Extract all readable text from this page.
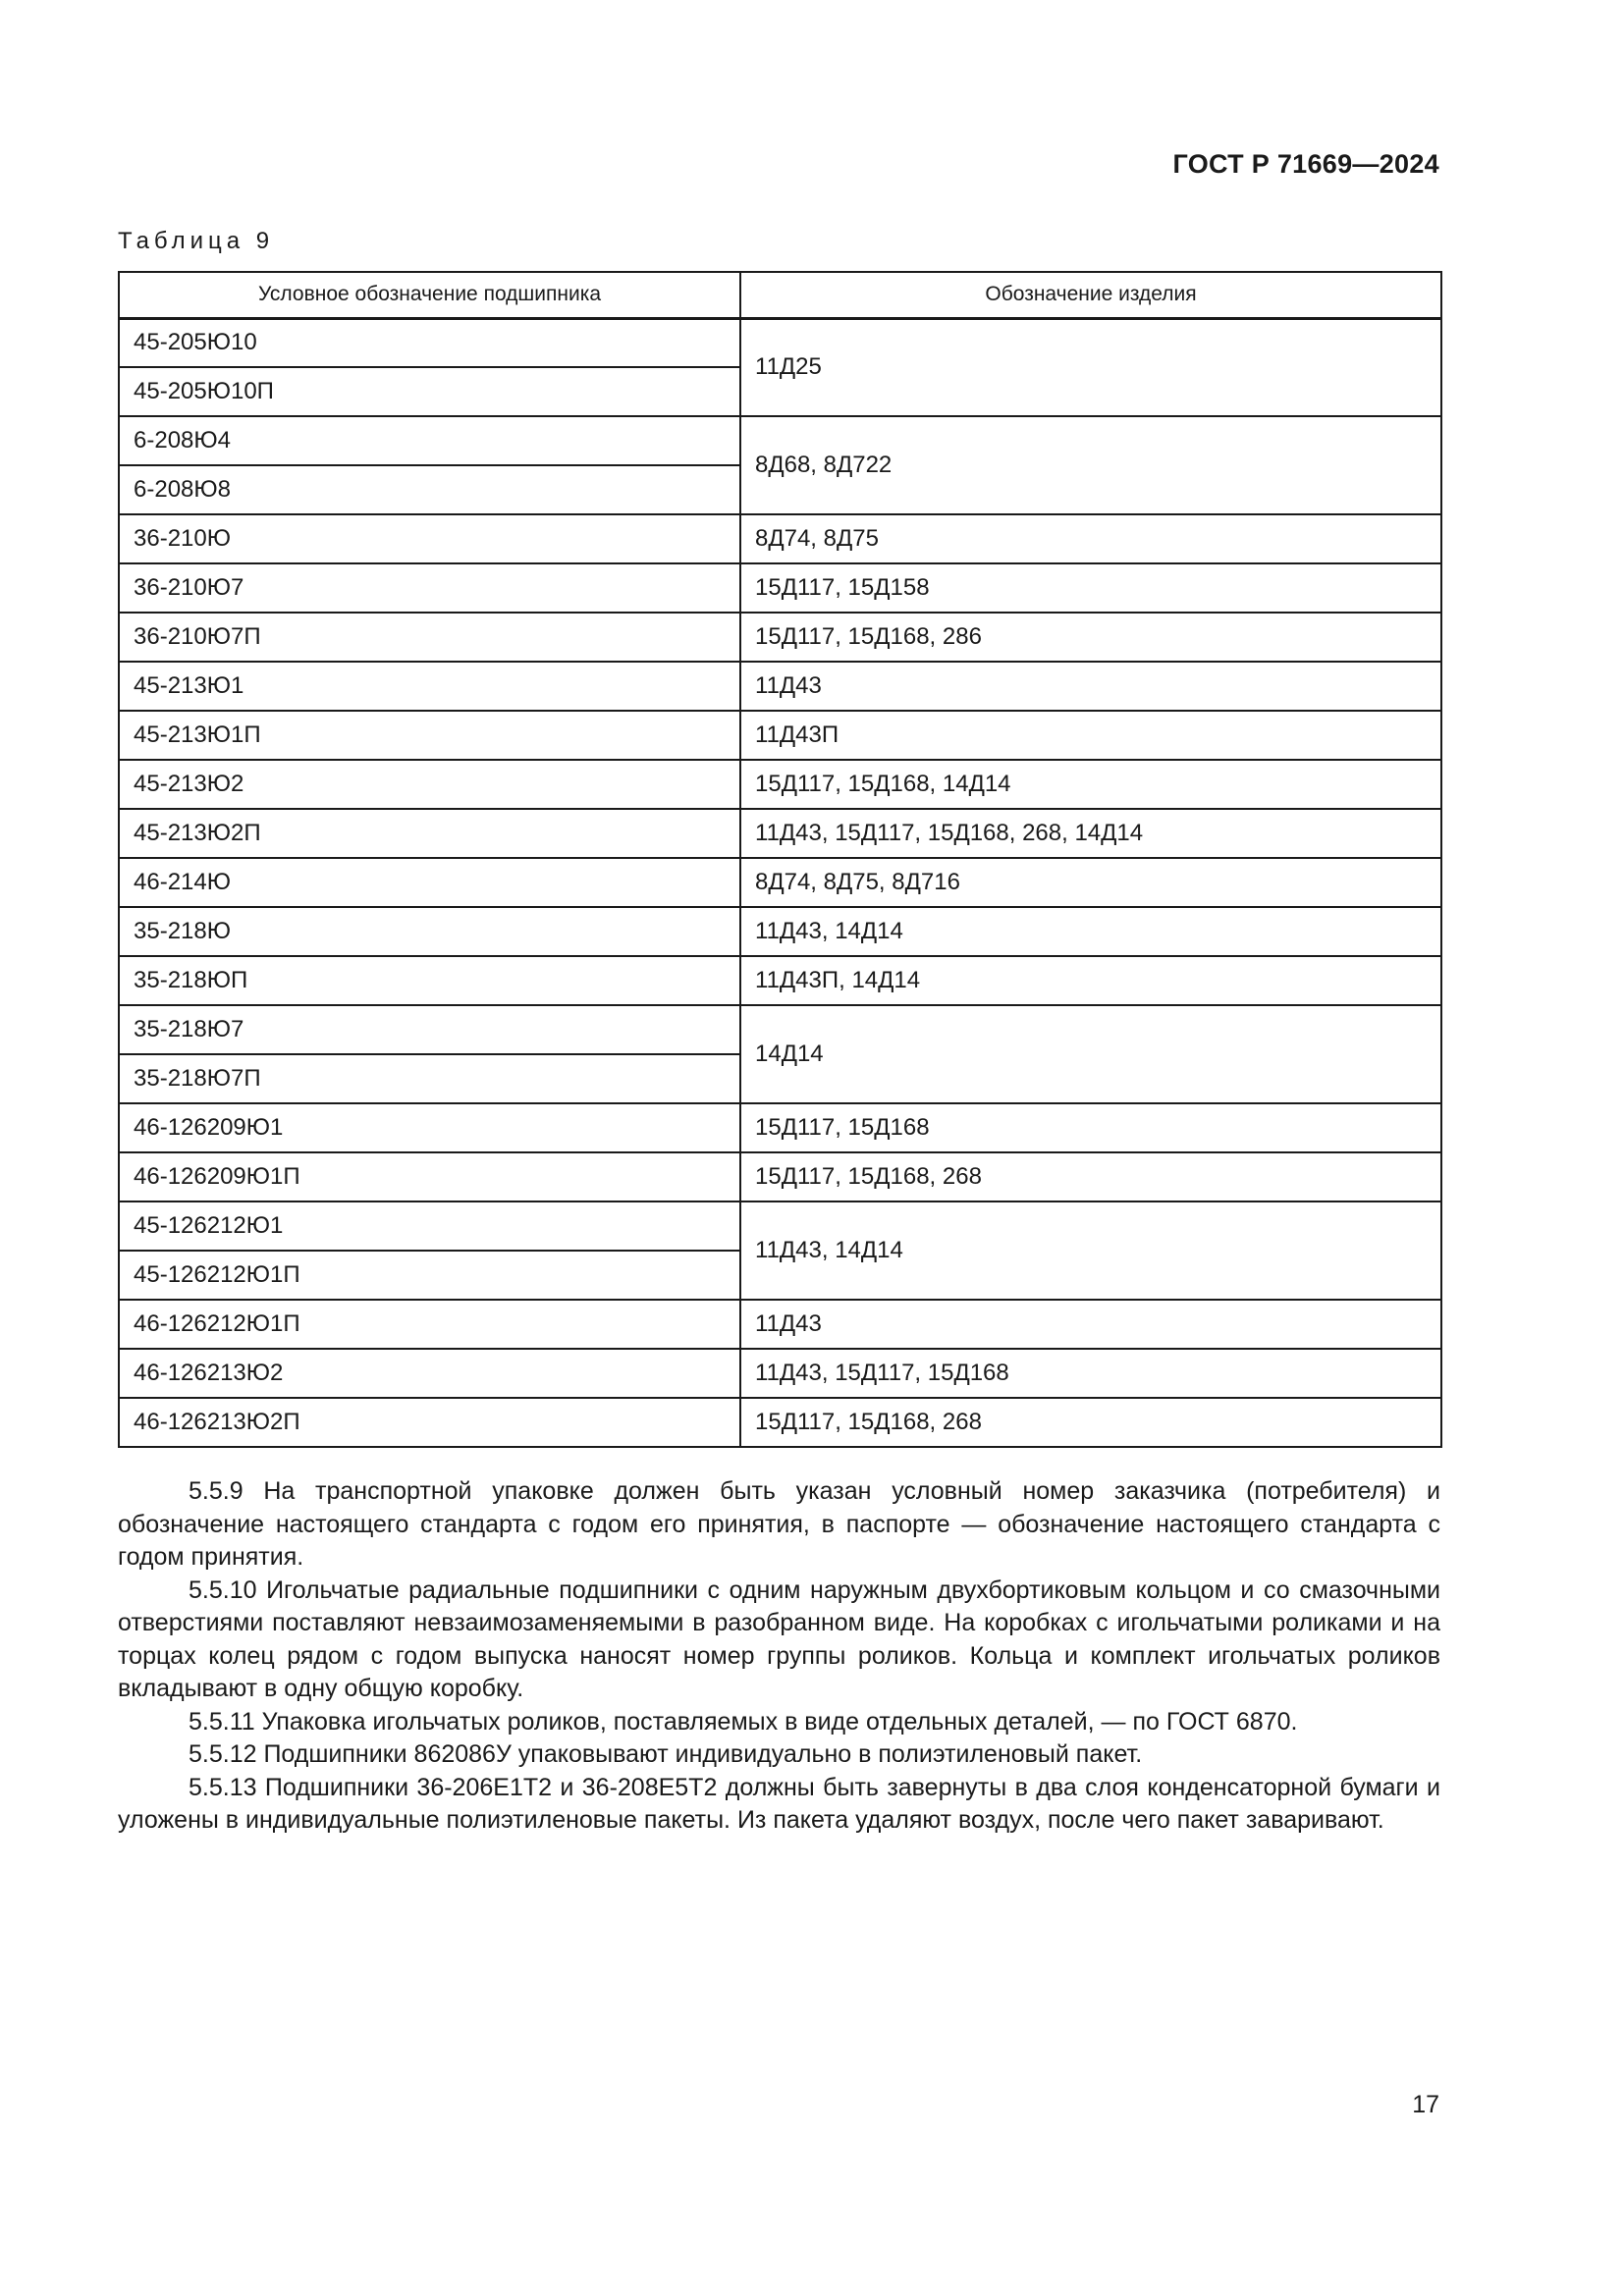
ГОСТ Р 71669—2024
Таблица 9
Условное обозначение подшипника	Обозначение изделия
45-205Ю10	11Д25
45-205Ю10П	
6-208Ю4	8Д68, 8Д722
6-208Ю8	
36-210Ю	8Д74, 8Д75
36-210Ю7	15Д117, 15Д158
36-210Ю7П	15Д117, 15Д168, 286
45-213Ю1	11Д43
45-213Ю1П	11Д43П
45-213Ю2	15Д117, 15Д168, 14Д14
45-213Ю2П	11Д43, 15Д117, 15Д168, 268, 14Д14
46-214Ю	8Д74, 8Д75, 8Д716
35-218Ю	11Д43, 14Д14
35-218ЮП	11Д43П, 14Д14
35-218Ю7	14Д14
35-218Ю7П	
46-126209Ю1	15Д117, 15Д168
46-126209Ю1П	15Д117, 15Д168, 268
45-126212Ю1	11Д43, 14Д14
45-126212Ю1П	
46-126212Ю1П	11Д43
46-126213Ю2	11Д43, 15Д117, 15Д168
46-126213Ю2П	15Д117, 15Д168, 268

5.5.9 На транспортной упаковке должен быть указан условный номер заказчика (потребителя) и обозначение настоящего стандарта с годом его принятия, в паспорте — обозначение настоящего стандарта с годом принятия.

5.5.10 Игольчатые радиальные подшипники с одним наружным двухбортиковым кольцом и со смазочными отверстиями поставляют невзаимозаменяемыми в разобранном виде. На коробках с игольчатыми роликами и на торцах колец рядом с годом выпуска наносят номер группы роликов. Кольца и комплект игольчатых роликов вкладывают в одну общую коробку.

5.5.11 Упаковка игольчатых роликов, поставляемых в виде отдельных деталей, — по ГОСТ 6870.

5.5.12 Подшипники 862086У упаковывают индивидуально в полиэтиленовый пакет.

5.5.13 Подшипники 36-206Е1Т2 и 36-208Е5Т2 должны быть завернуты в два слоя конденсаторной бумаги и уложены в индивидуальные полиэтиленовые пакеты. Из пакета удаляют воздух, после чего пакет заваривают.

17
